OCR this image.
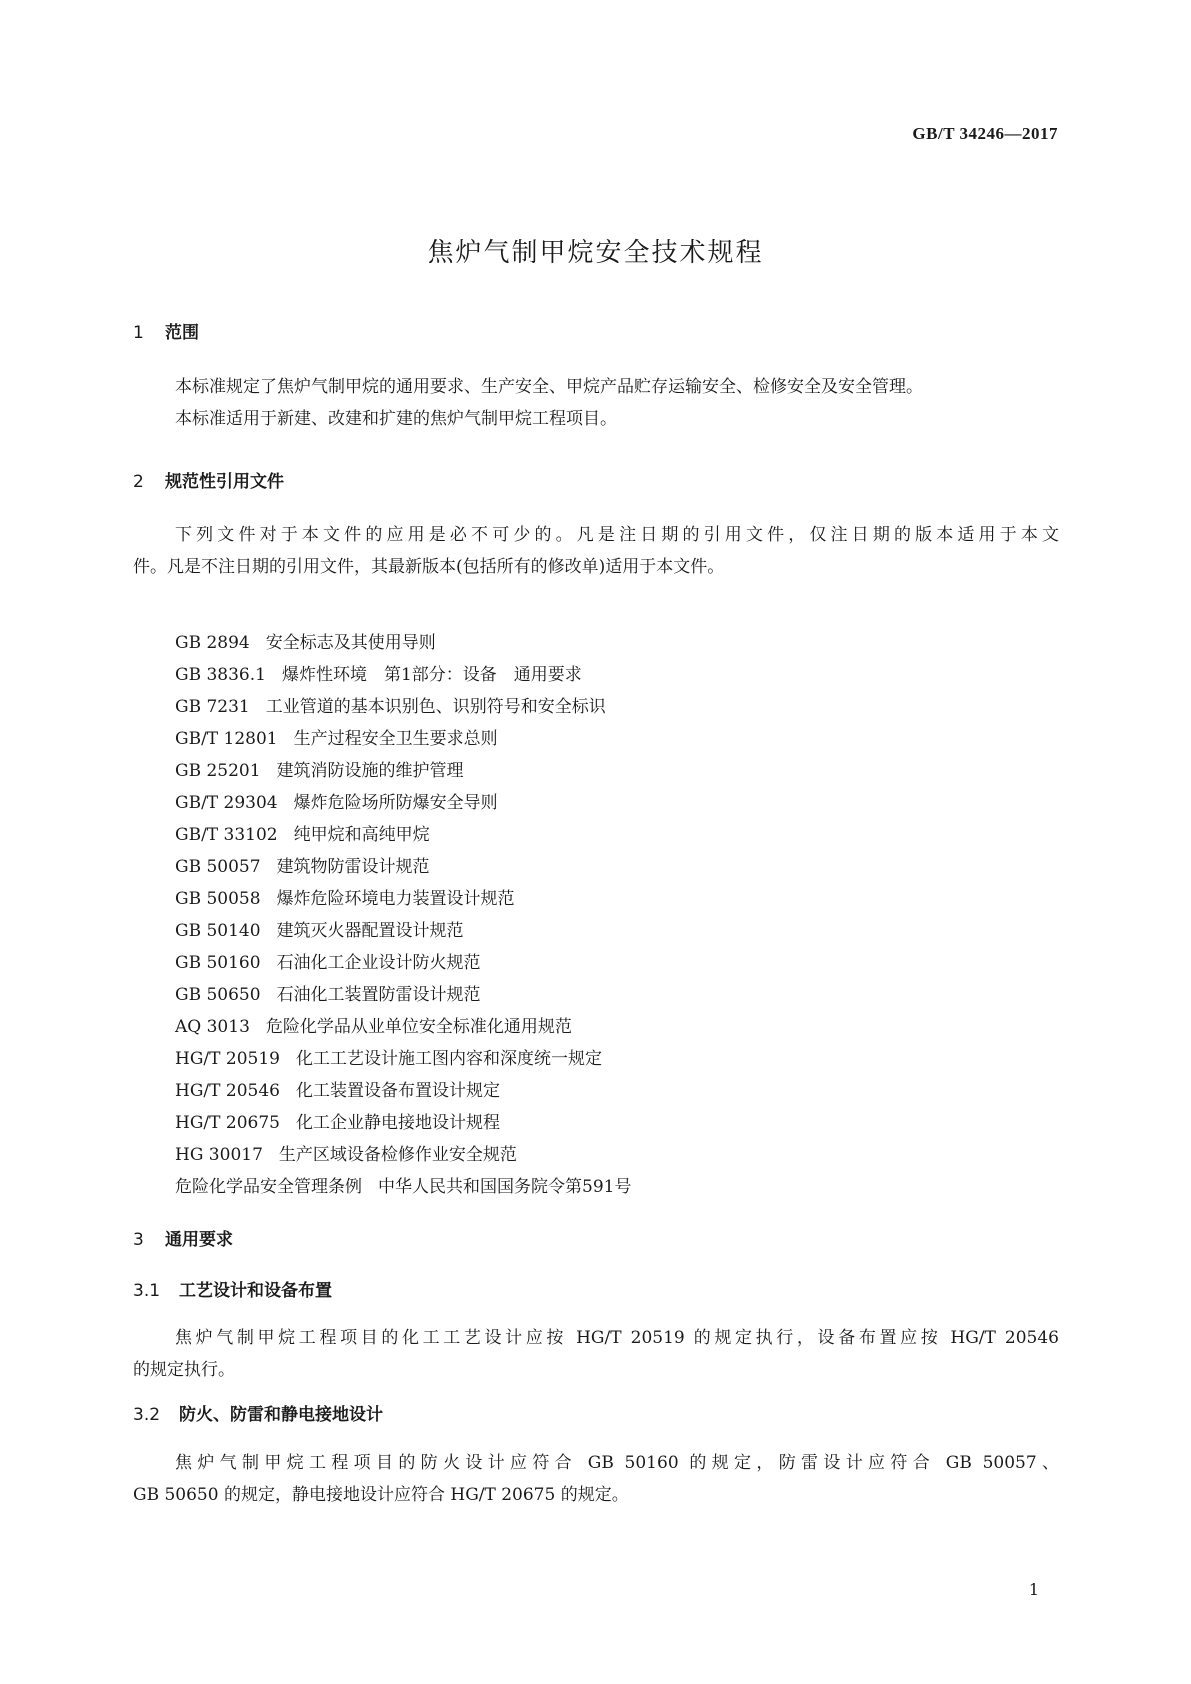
GB/T 34246—2017
焦炉气制甲烷安全技术规程
1 范围
本标准规定了焦炉气制甲烷的通用要求、生产安全、甲烷产品贮存运输安全、检修安全及安全管理。
本标准适用于新建、改建和扩建的焦炉气制甲烷工程项目。
2 规范性引用文件
下列文件对于本文件的应用是必不可少的。凡是注日期的引用文件，仅注日期的版本适用于本文
件。凡是不注日期的引用文件，其最新版本(包括所有的修改单)适用于本文件。
GB 2894 安全标志及其使用导则
GB 3836.1 爆炸性环境　第1部分：设备　通用要求
GB 7231 工业管道的基本识别色、识别符号和安全标识
GB/T 12801 生产过程安全卫生要求总则
GB 25201 建筑消防设施的维护管理
GB/T 29304 爆炸危险场所防爆安全导则
GB/T 33102 纯甲烷和高纯甲烷
GB 50057 建筑物防雷设计规范
GB 50058 爆炸危险环境电力装置设计规范
GB 50140 建筑灭火器配置设计规范
GB 50160 石油化工企业设计防火规范
GB 50650 石油化工装置防雷设计规范
AQ 3013 危险化学品从业单位安全标准化通用规范
HG/T 20519 化工工艺设计施工图内容和深度统一规定
HG/T 20546 化工装置设备布置设计规定
HG/T 20675 化工企业静电接地设计规程
HG 30017 生产区域设备检修作业安全规范
危险化学品安全管理条例 中华人民共和国国务院令第591号
3 通用要求
3.1 工艺设计和设备布置
焦炉气制甲烷工程项目的化工工艺设计应按 HG/T 20519 的规定执行，设备布置应按 HG/T 20546
的规定执行。
3.2 防火、防雷和静电接地设计
焦炉气制甲烷工程项目的防火设计应符合 GB 50160 的规定，防雷设计应符合 GB 50057、
GB 50650 的规定，静电接地设计应符合 HG/T 20675 的规定。
1
